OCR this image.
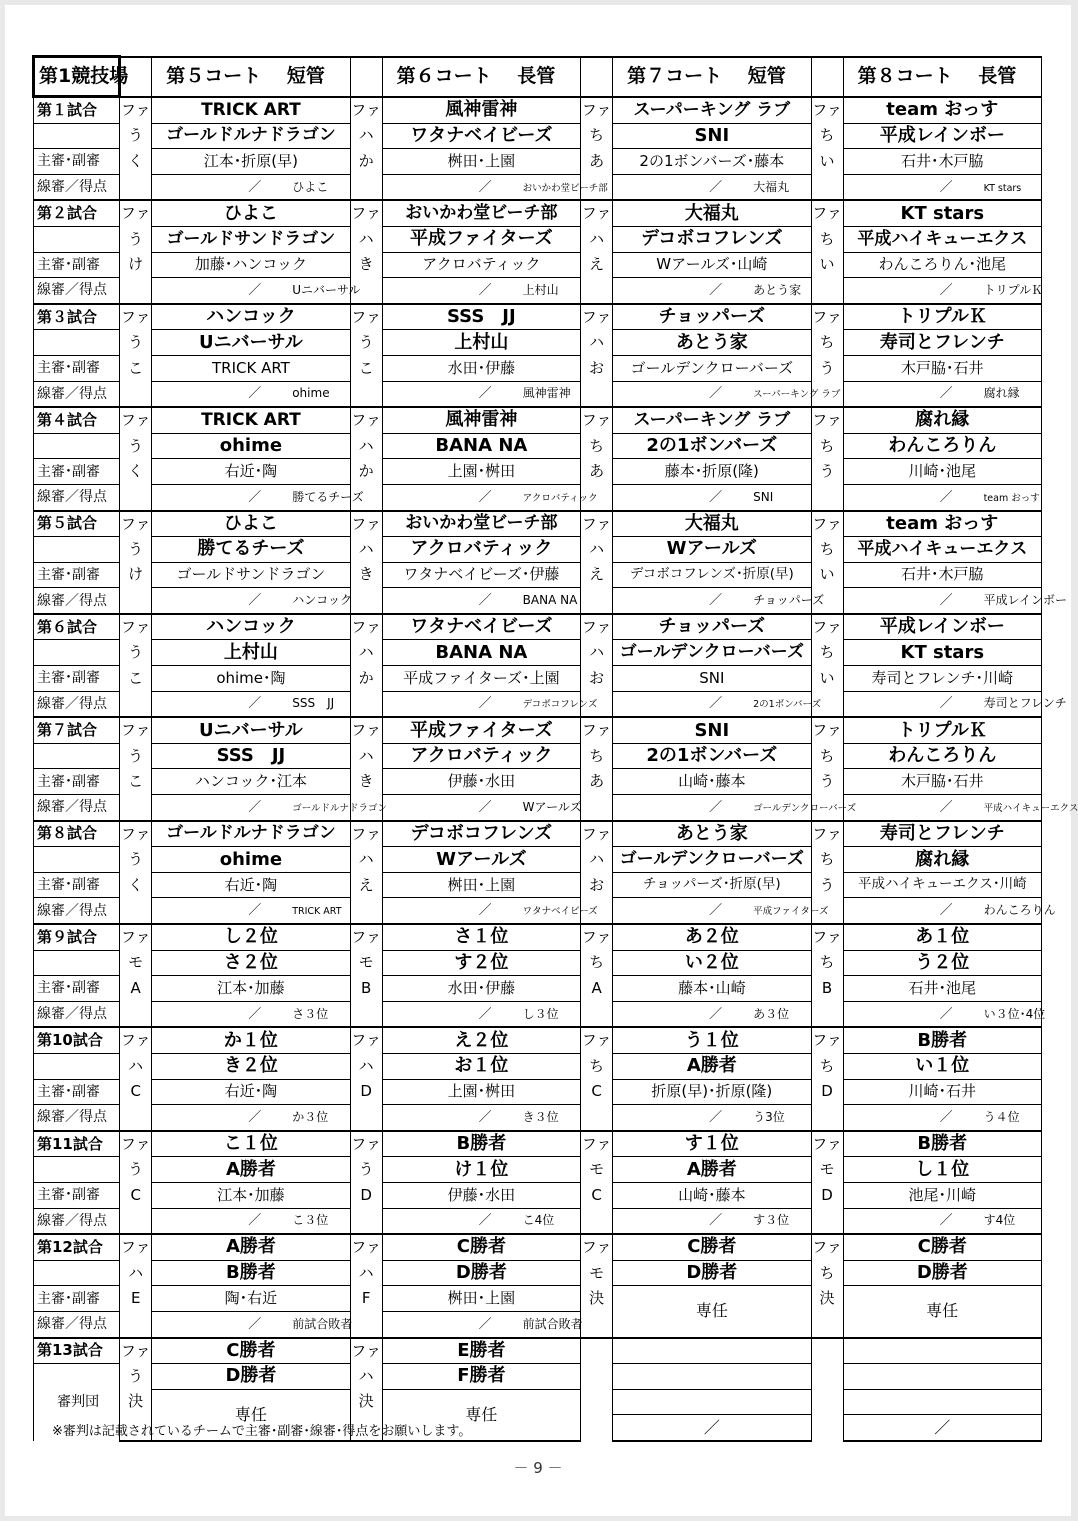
第1競技場		第５コート　 短管		第６コート　 長管		第７コート　 短管		第８コート　 長管
第１試合	ファ	TRICK ART	ファ	風神雷神	ファ	スーパーキング ラブ	ファ	team おっす
	う	ゴールドルナドラゴン	ハ	ワタナベイビーズ	ち	SNI	ち	平成レインボー
主審･副審	く	江本･折原(早)	か	桝田･上園	あ	2の1ボンバーズ･藤本	い	石井･木戸脇
線審／得点		／ ひよこ		／ おいかわ堂ビーチ部		／ 大福丸		／ KT stars
第２試合	ファ	ひよこ	ファ	おいかわ堂ビーチ部	ファ	大福丸	ファ	KT stars
	う	ゴールドサンドラゴン	ハ	平成ファイターズ	ハ	デコボコフレンズ	ち	平成ハイキューエクス
主審･副審	け	加藤･ハンコック	き	アクロバティック	え	Wアールズ･山崎	い	わんころりん･池尾
線審／得点		／ Uニバーサル		／ 上村山		／ あとう家		／ トリプルＫ
第３試合	ファ	ハンコック	ファ	SSS　JJ	ファ	チョッパーズ	ファ	トリプルＫ
	う	Uニバーサル	う	上村山	ハ	あとう家	ち	寿司とフレンチ
主審･副審	こ	TRICK ART	こ	水田･伊藤	お	ゴールデンクローバーズ	う	木戸脇･石井
線審／得点		／ ohime		／ 風神雷神		／ スーパーキング ラブ		／ 腐れ縁
第４試合	ファ	TRICK ART	ファ	風神雷神	ファ	スーパーキング ラブ	ファ	腐れ縁
	う	ohime	ハ	BANA NA	ち	2の1ボンバーズ	ち	わんころりん
主審･副審	く	右近･陶	か	上園･桝田	あ	藤本･折原(隆)	う	川崎･池尾
線審／得点		／ 勝てるチーズ		／ アクロバティック		／ SNI		／ team おっす
第５試合	ファ	ひよこ	ファ	おいかわ堂ビーチ部	ファ	大福丸	ファ	team おっす
	う	勝てるチーズ	ハ	アクロバティック	ハ	Wアールズ	ち	平成ハイキューエクス
主審･副審	け	ゴールドサンドラゴン	き	ワタナベイビーズ･伊藤	え	デコボコフレンズ･折原(早)	い	石井･木戸脇
線審／得点		／ ハンコック		／ BANA NA		／ チョッパーズ		／ 平成レインボー
第６試合	ファ	ハンコック	ファ	ワタナベイビーズ	ファ	チョッパーズ	ファ	平成レインボー
	う	上村山	ハ	BANA NA	ハ	ゴールデンクローバーズ	ち	KT stars
主審･副審	こ	ohime･陶	か	平成ファイターズ･上園	お	SNI	い	寿司とフレンチ･川崎
線審／得点		／ SSS　JJ		／ デコボコフレンズ		／ 2の1ボンバーズ		／ 寿司とフレンチ
第７試合	ファ	Uニバーサル	ファ	平成ファイターズ	ファ	SNI	ファ	トリプルＫ
	う	SSS　JJ	ハ	アクロバティック	ち	2の1ボンバーズ	ち	わんころりん
主審･副審	こ	ハンコック･江本	き	伊藤･水田	あ	山崎･藤本	う	木戸脇･石井
線審／得点		／ ゴールドルナドラゴン		／ Wアールズ		／ ゴールデンクローバーズ		／ 平成ハイキューエクス
第８試合	ファ	ゴールドルナドラゴン	ファ	デコボコフレンズ	ファ	あとう家	ファ	寿司とフレンチ
	う	ohime	ハ	Wアールズ	ハ	ゴールデンクローバーズ	ち	腐れ縁
主審･副審	く	右近･陶	え	桝田･上園	お	チョッパーズ･折原(早)	う	平成ハイキューエクス･川崎
線審／得点		／ TRICK ART		／ ワタナベイビーズ		／ 平成ファイターズ		／ わんころりん
第９試合	ファ	し２位	ファ	さ１位	ファ	あ２位	ファ	あ１位
	モ	さ２位	モ	す２位	ち	い２位	ち	う２位
主審･副審	A	江本･加藤	B	水田･伊藤	A	藤本･山崎	B	石井･池尾
線審／得点		／ さ３位		／ し３位		／ あ３位		／ い３位･4位
第10試合	ファ	か１位	ファ	え２位	ファ	う１位	ファ	B勝者
	ハ	き２位	ハ	お１位	ち	A勝者	ち	い１位
主審･副審	C	右近･陶	D	上園･桝田	C	折原(早)･折原(隆)	D	川崎･石井
線審／得点		／ か３位		／ き３位		／ う3位		／ う４位
第11試合	ファ	こ１位	ファ	B勝者	ファ	す１位	ファ	B勝者
	う	A勝者	う	け１位	モ	A勝者	モ	し１位
主審･副審	C	江本･加藤	D	伊藤･水田	C	山崎･藤本	D	池尾･川崎
線審／得点		／ こ３位		／ こ4位		／ す３位		／ す4位
第12試合	ファ	A勝者	ファ	C勝者	ファ	C勝者	ファ	C勝者
	ハ	B勝者	ハ	D勝者	モ	D勝者	ち	D勝者
主審･副審	E	陶･右近	F	桝田･上園	決	専任	決	専任
線審／得点		／ 前試合敗者		／ 前試合敗者				
第13試合	ファ	C勝者	ファ	E勝者				
審判団	う	D勝者	ハ	F勝者				
	決	専任	決	専任				
						／		／
※審判は記載されているチームで主審･副審･線審･得点をお願いします。
－ 9 －
